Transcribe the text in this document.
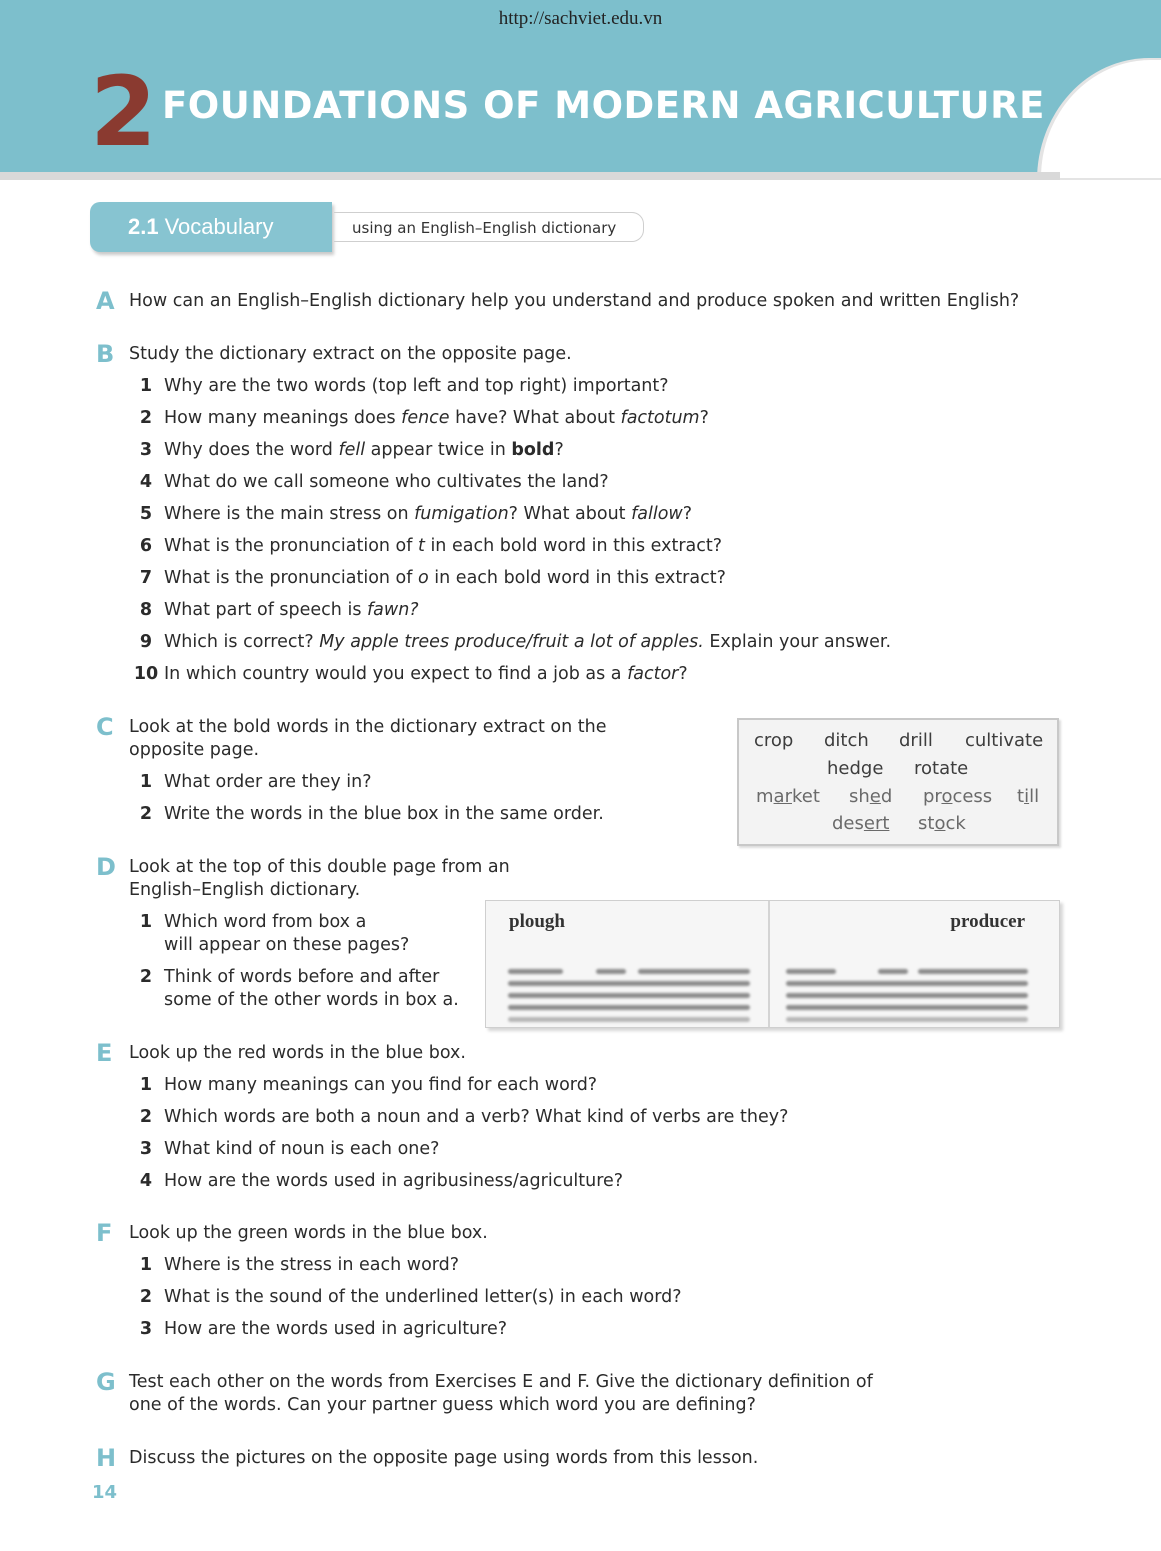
http://sachviet.edu.vn
2 FOUNDATIONS OF MODERN AGRICULTURE
2.1 Vocabulary	using an English–English dictionary
A How can an English–English dictionary help you understand and produce spoken and written English?
B Study the dictionary extract on the opposite page.
1 Why are the two words (top left and top right) important?
2 How many meanings does fence have? What about factotum?
3 Why does the word fell appear twice in bold?
4 What do we call someone who cultivates the land?
5 Where is the main stress on fumigation? What about fallow?
6 What is the pronunciation of t in each bold word in this extract?
7 What is the pronunciation of o in each bold word in this extract?
8 What part of speech is fawn?
9 Which is correct? My apple trees produce/fruit a lot of apples. Explain your answer.
10 In which country would you expect to find a job as a factor?
C Look at the bold words in the dictionary extract on the
opposite page.
1 What order are they in?
2 Write the words in the blue box in the same order.
crop ditch drill cultivate
hedge rotate
market shed process till
desert stock
D Look at the top of this double page from an
English–English dictionary.
1 Which word from box a
will appear on these pages?
2 Think of words before and after
some of the other words in box a.
plough	producer
E Look up the red words in the blue box.
1 How many meanings can you find for each word?
2 Which words are both a noun and a verb? What kind of verbs are they?
3 What kind of noun is each one?
4 How are the words used in agribusiness/agriculture?
F Look up the green words in the blue box.
1 Where is the stress in each word?
2 What is the sound of the underlined letter(s) in each word?
3 How are the words used in agriculture?
G Test each other on the words from Exercises E and F. Give the dictionary definition of
one of the words. Can your partner guess which word you are defining?
H Discuss the pictures on the opposite page using words from this lesson.
14
